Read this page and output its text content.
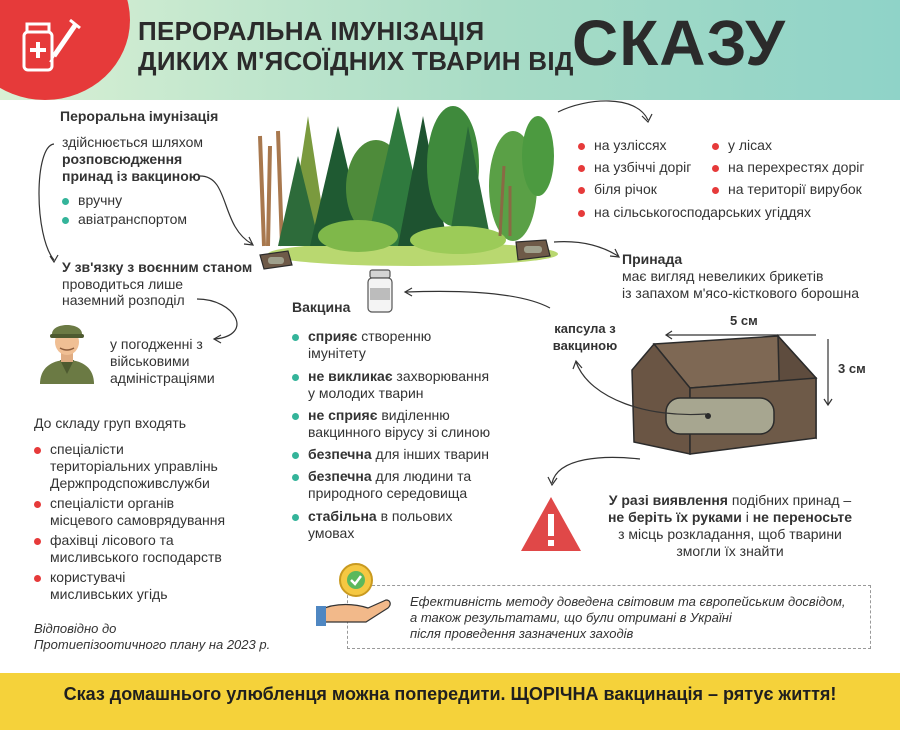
ПЕРОРАЛЬНА ІМУНІЗАЦІЯ
ДИКИХ М'ЯСОЇДНИХ ТВАРИН ВІД
СКАЗУ
Пероральна імунізація
здійснюється шляхом
розповсюдження
принад із вакциною
вручну
авіатранспортом
У зв'язку з воєнним станом
проводиться лише
наземний розподіл
у погодженні з
військовими
адміністраціями
До складу груп входять
спеціалісти
територіальних управлінь
Держпродспоживслужби
спеціалісти органів
місцевого самоврядування
фахівці лісового та
мисливського господарств
користувачі
мисливських угідь
Відповідно до
Протиепізоотичного плану на 2023 р.
на узліссях
на узбіччі доріг
біля річок
на сільськогосподарських угіддях
у лісах
на перехрестях доріг
на території вирубок
Принада
має вигляд невеликих брикетів
із запахом м'ясо-кісткового борошна
5 см
3 см
капсула з
вакциною
Вакцина
сприяє створенню
імунітету
не викликає захворювання
у молодих тварин
не сприяє виділенню
вакцинного вірусу зі слиною
безпечна для інших тварин
безпечна для людини та
природного середовища
стабільна в польових
умовах
У разі виявлення подібних принад –
не беріть їх руками і не переносьте
з місць розкладання, щоб тварини
змогли їх знайти
Ефективність методу доведена світовим та європейським досвідом,
а також результатами, що були отримані в Україні
після проведення зазначених заходів
Сказ домашнього улюбленця можна попередити. ЩОРІЧНА вакцинація – рятує життя!
